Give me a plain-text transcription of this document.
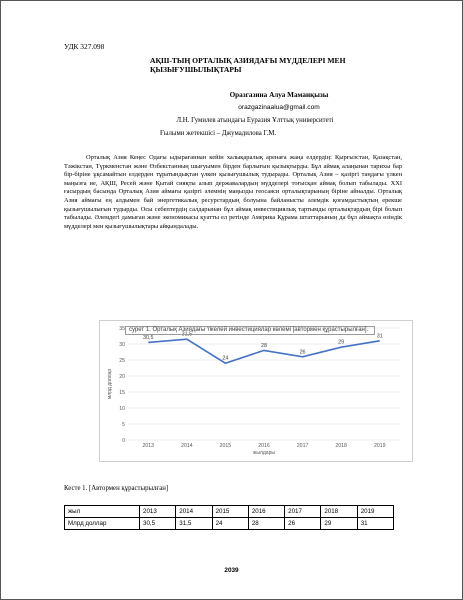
УДК 327.098
АҚШ-ТЫҢ ОРТАЛЫҚ АЗИЯДАҒЫ МҮДДЕЛЕРІ МЕН ҚЫЗЫҒУШЫЛЫҚТАРЫ
Оразгазина Алуа Маманқызы
orazgazinaalua@gmail.com
Л.Н. Гумилев атындағы Еуразия Ұлттық университеті
Ғылыми жетекшісі – Джумадилова Г.М.

Орталық Азия Кеңес Одағы ыдырағаннан кейін халықаралық аренаға жаңа елдердің: Қырғызстан, Қазақстан, Тәжікстан, Түркменстан және Өзбекстанның шығуымен бірден барлығын қызықтырды. Бұл аймақ алаңынан тарихы бар бір-біріне ұқсамайтын елдерден тұратындықтан үлкен қызығушылық тудырады. Орталық Азия – қазіргі таңдағы үлкен маңызға ие, АҚШ, Ресей және Қытай сияқты алып державалардың мүдделері тоғысқан аймақ болып табылады. XXI ғасырдың басында Орталық Азия аймағы қазіргі әлемнің маңызды геосаяси орталықтарының біріне айналды. Орталық Азия аймағы ең алдымен бай энергетикалық ресурстардың болуына байланысты әлемдік қоғамдастықтың ерекше қызығушылығын тудырды. Осы себептердің салдарынан бұл аймақ инвестициялық тартымды орталықтардың бірі болып табылады. Әлемдегі дамыған және экономикасы қуатты ел ретінде Америка Құрама штаттарының да бұл аймақта өзіндік мүдделері мен қызығушылықтары айқындалады.

0
5
10
15
20
25
30
35
2013	2014	2015	2016	2017	2018	2019
30,5
31,5
24
28
26
29
31
млрд доллар
жылдары
сурет 1. Орталық Азиядағы тікелей инвестициялар көлемі [автормен құрастырылған].
Кесте 1. [Автормен құрастырылған]
жыл	2013	2014	2015	2016	2017	2018	2019
Млрд доллар	30,5	31,5	24	28	26	29	31
2039
